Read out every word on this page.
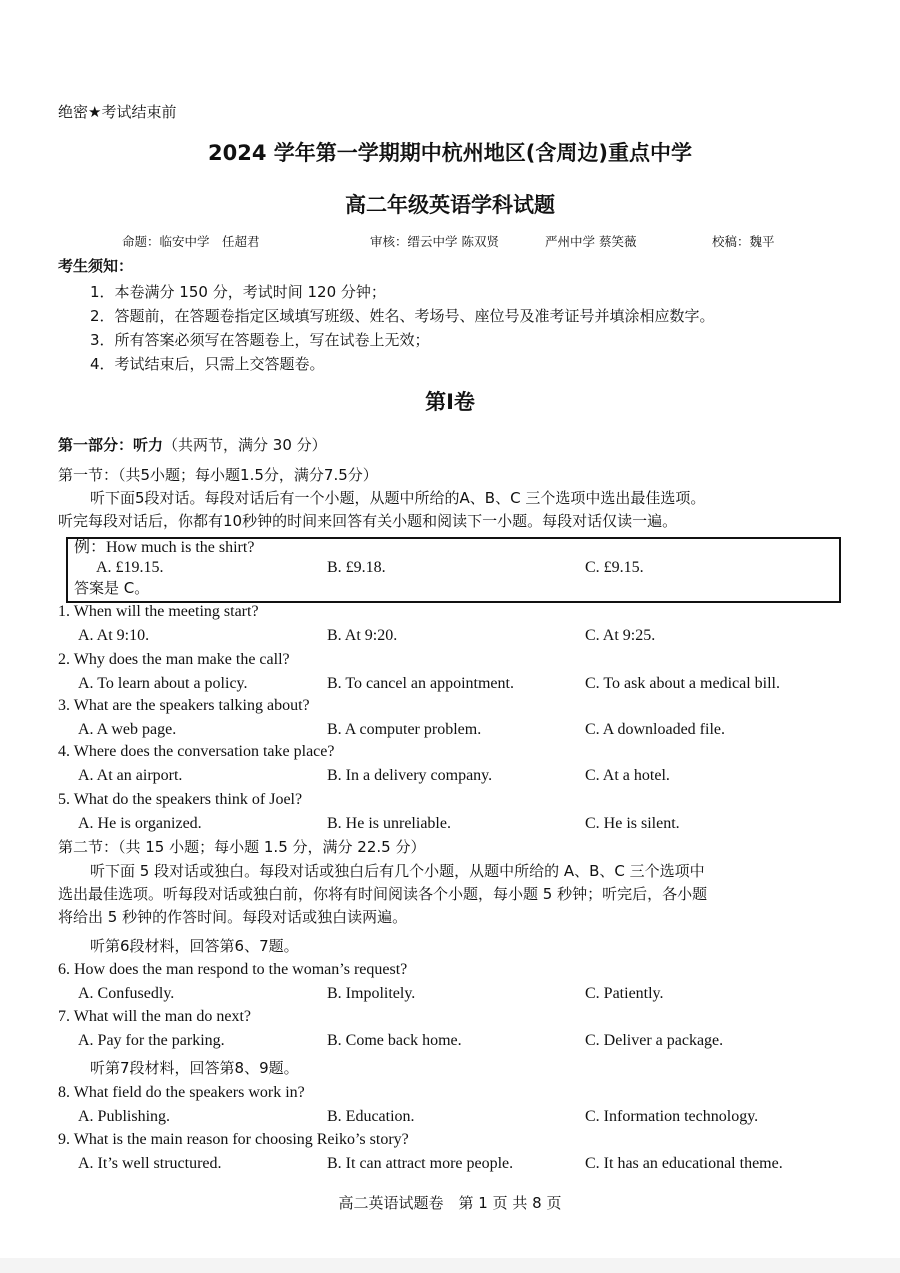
绝密★考试结束前
2024 学年第一学期期中杭州地区(含周边)重点中学
高二年级英语学科试题
命题：临安中学　任超君	审核：缙云中学 陈双贤	严州中学 蔡笑薇	校稿：魏平
考生须知：
1．本卷满分 150 分，考试时间 120 分钟；
2．答题前，在答题卷指定区域填写班级、姓名、考场号、座位号及准考证号并填涂相应数字。
3．所有答案必须写在答题卷上，写在试卷上无效；
4．考试结束后，只需上交答题卷。
第Ⅰ卷
第一部分：听力（共两节，满分 30 分）
第一节：（共5小题；每小题1.5分，满分7.5分）
听下面5段对话。每段对话后有一个小题，从题中所给的A、B、C 三个选项中选出最佳选项。
听完每段对话后，你都有10秒钟的时间来回答有关小题和阅读下一小题。每段对话仅读一遍。
例：How much is the shirt?
A. £19.15.	B. £9.18.	C. £9.15.
答案是 C。
第二节：（共 15 小题；每小题 1.5 分，满分 22.5 分）
听下面 5 段对话或独白。每段对话或独白后有几个小题，从题中所给的 A、B、C 三个选项中
选出最佳选项。听每段对话或独白前，你将有时间阅读各个小题，每小题 5 秒钟；听完后，各小题
将给出 5 秒钟的作答时间。每段对话或独白读两遍。
听第6段材料，回答第6、7题。
听第7段材料，回答第8、9题。
1. When will the meeting start?
A. At 9:10.	B. At 9:20.	C. At 9:25.
2. Why does the man make the call?
A. To learn about a policy.	B. To cancel an appointment.	C. To ask about a medical bill.
3. What are the speakers talking about?
A. A web page.	B. A computer problem.	C. A downloaded file.
4. Where does the conversation take place?
A. At an airport.	B. In a delivery company.	C. At a hotel.
5. What do the speakers think of Joel?
A. He is organized.	B. He is unreliable.	C. He is silent.
6. How does the man respond to the woman’s request?
A. Confusedly.	B. Impolitely.	C. Patiently.
7. What will the man do next?
A. Pay for the parking.	B. Come back home.	C. Deliver a package.
8. What field do the speakers work in?
A. Publishing.	B. Education.	C. Information technology.
9. What is the main reason for choosing Reiko’s story?
A. It’s well structured.	B. It can attract more people.	C. It has an educational theme.
高二英语试题卷　第 1 页 共 8 页
